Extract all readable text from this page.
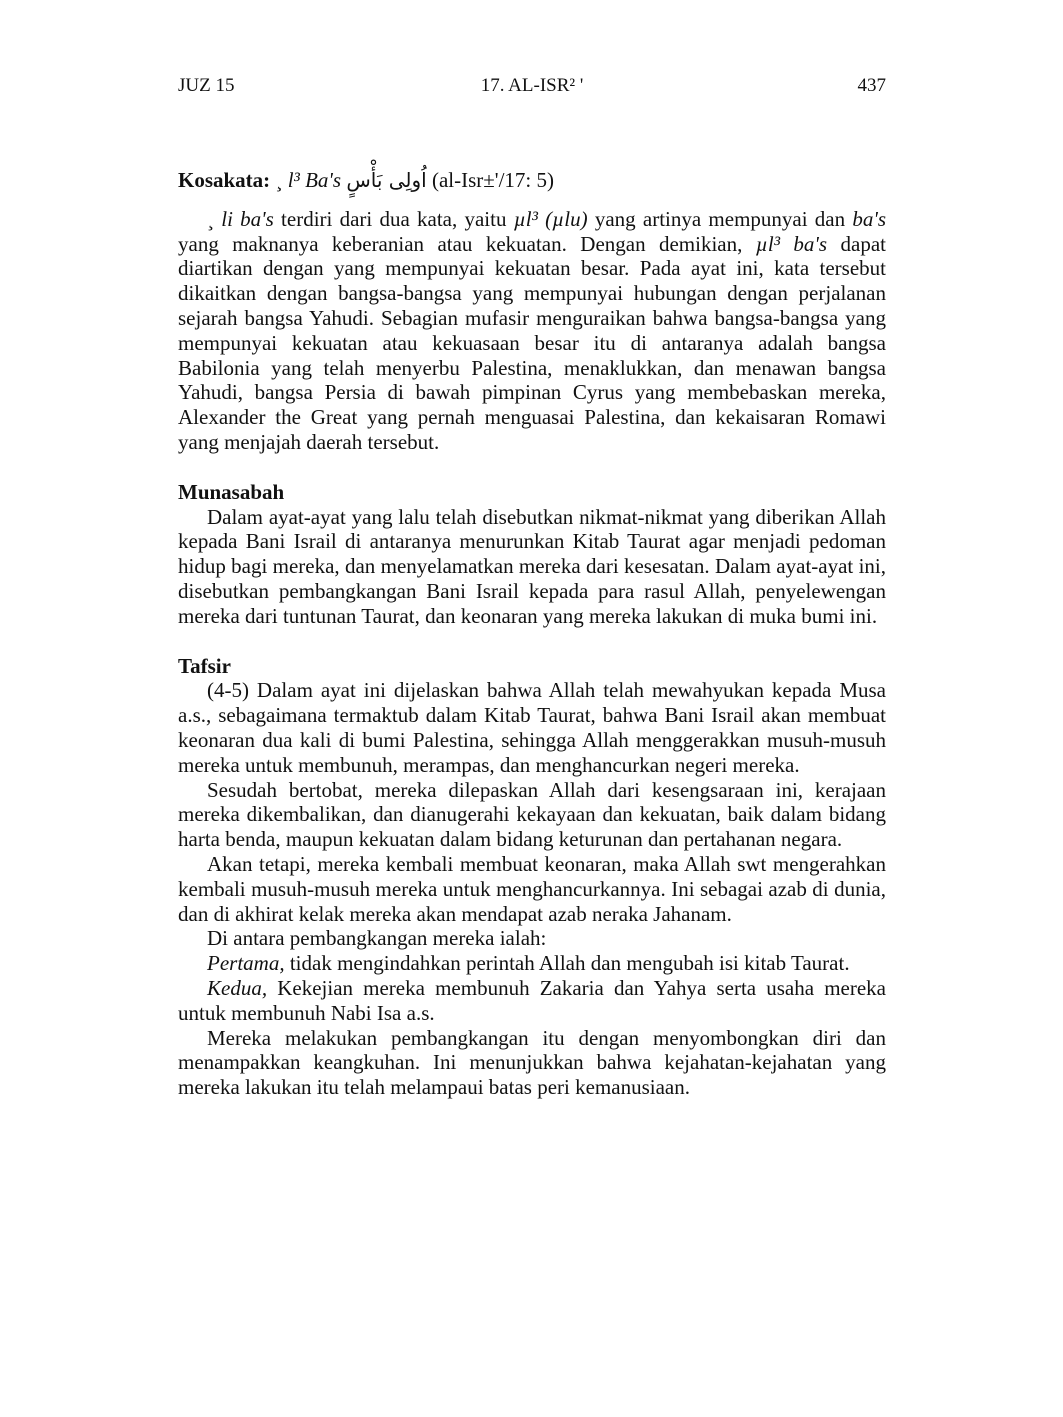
JUZ 15	17. AL-ISR² '	437
Kosakata: ¸ l³ Ba's اُولِى بَأْسٍ (al-Isr±'/17: 5)

¸ li ba's terdiri dari dua kata, yaitu µl³ (µlu) yang artinya mempunyai dan ba's yang maknanya keberanian atau kekuatan. Dengan demikian, µl³ ba's dapat diartikan dengan yang mempunyai kekuatan besar. Pada ayat ini, kata tersebut dikaitkan dengan bangsa-bangsa yang mempunyai hubungan dengan perjalanan sejarah bangsa Yahudi. Sebagian mufasir menguraikan bahwa bangsa-bangsa yang mempunyai kekuatan atau kekuasaan besar itu di antaranya adalah bangsa Babilonia yang telah menyerbu Palestina, menaklukkan, dan menawan bangsa Yahudi, bangsa Persia di bawah pimpinan Cyrus yang membebaskan mereka, Alexander the Great yang pernah menguasai Palestina, dan kekaisaran Romawi yang menjajah daerah tersebut.

Munasabah

Dalam ayat-ayat yang lalu telah disebutkan nikmat-nikmat yang diberikan Allah kepada Bani Israil di antaranya menurunkan Kitab Taurat agar menjadi pedoman hidup bagi mereka, dan menyelamatkan mereka dari kesesatan. Dalam ayat-ayat ini, disebutkan pembangkangan Bani Israil kepada para rasul Allah, penyelewengan mereka dari tuntunan Taurat, dan keonaran yang mereka lakukan di muka bumi ini.

Tafsir

(4-5) Dalam ayat ini dijelaskan bahwa Allah telah mewahyukan kepada Musa a.s., sebagaimana termaktub dalam Kitab Taurat, bahwa Bani Israil akan membuat keonaran dua kali di bumi Palestina, sehingga Allah menggerakkan musuh-musuh mereka untuk membunuh, merampas, dan menghancurkan negeri mereka.

Sesudah bertobat, mereka dilepaskan Allah dari kesengsaraan ini, kerajaan mereka dikembalikan, dan dianugerahi kekayaan dan kekuatan, baik dalam bidang harta benda, maupun kekuatan dalam bidang keturunan dan pertahanan negara.

Akan tetapi, mereka kembali membuat keonaran, maka Allah swt mengerahkan kembali musuh-musuh mereka untuk menghancurkannya. Ini sebagai azab di dunia, dan di akhirat kelak mereka akan mendapat azab neraka Jahanam.

Di antara pembangkangan mereka ialah:

Pertama, tidak mengindahkan perintah Allah dan mengubah isi kitab Taurat.

Kedua, Kekejian mereka membunuh Zakaria dan Yahya serta usaha mereka untuk membunuh Nabi Isa a.s.

Mereka melakukan pembangkangan itu dengan menyombongkan diri dan menampakkan keangkuhan. Ini menunjukkan bahwa kejahatan-kejahatan yang mereka lakukan itu telah melampaui batas peri kemanusiaan.
